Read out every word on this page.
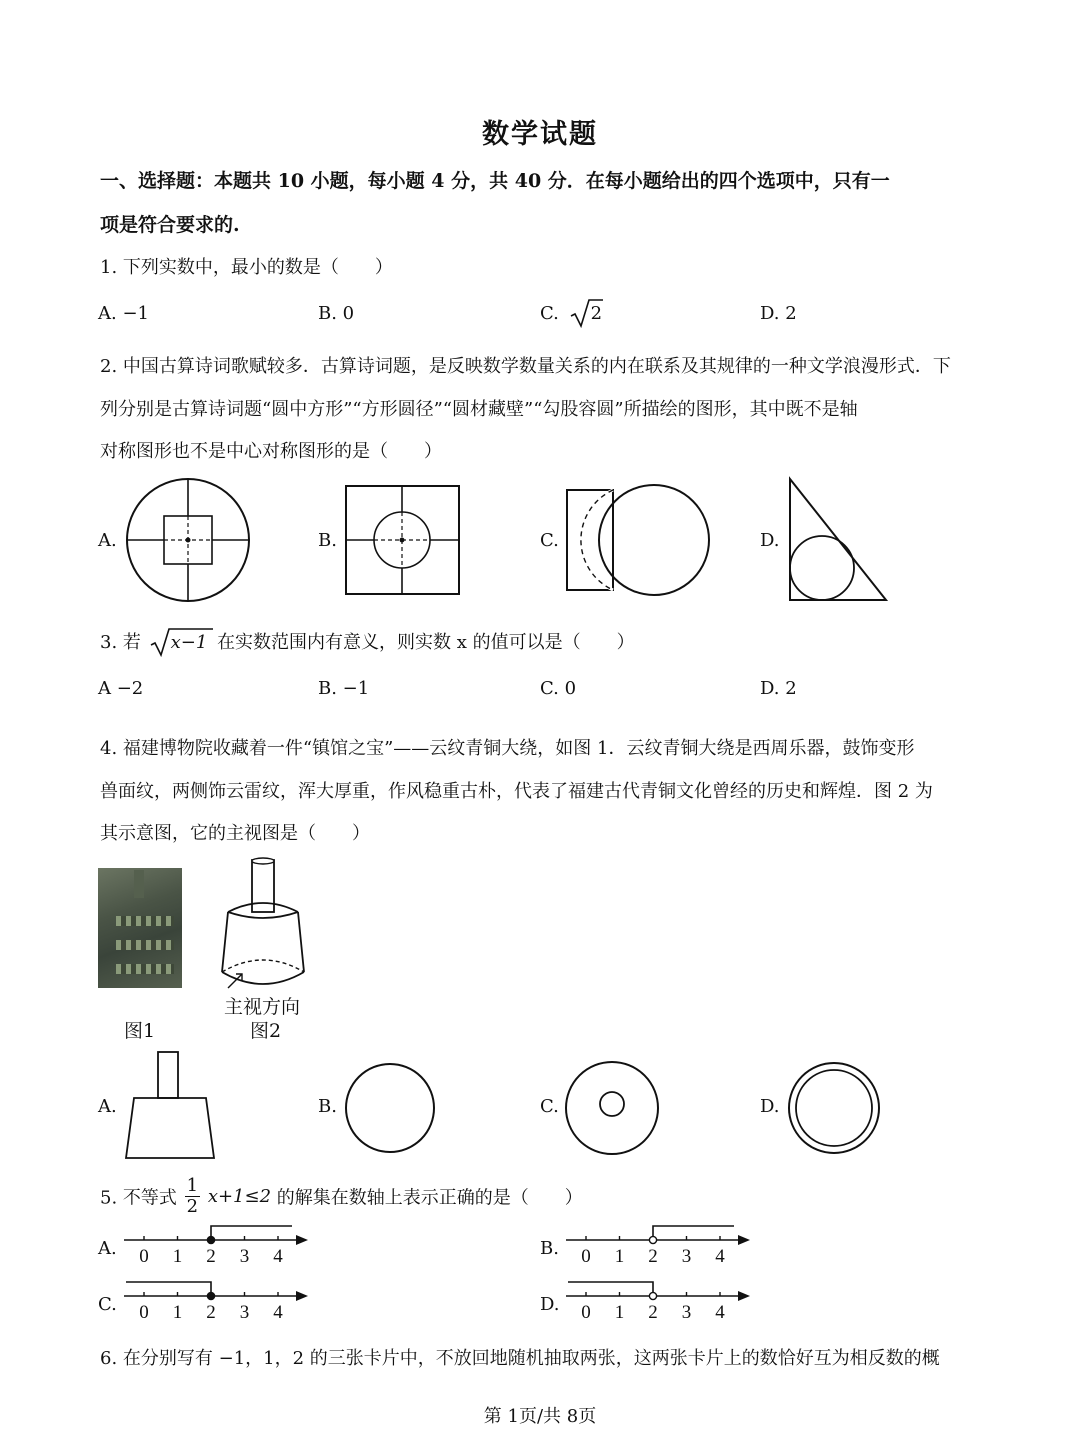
数学试题
一、选择题：本题共 10 小题，每小题 4 分，共 40 分．在每小题给出的四个选项中，只有一
项是符合要求的.
1. 下列实数中，最小的数是（　　）
A. −1	B. 0	C. 2	D. 2
2. 中国古算诗词歌赋较多．古算诗词题，是反映数学数量关系的内在联系及其规律的一种文学浪漫形式．下
列分别是古算诗词题“圆中方形”“方形圆径”“圆材藏壁”“勾股容圆”所描绘的图形，其中既不是轴
对称图形也不是中心对称图形的是（　　）
A.	B.	C.	D.
3. 若 x−1 在实数范围内有意义，则实数 x 的值可以是（　　）
A −2	B. −1	C. 0	D. 2
4. 福建博物院收藏着一件“镇馆之宝”——云纹青铜大绕，如图 1．云纹青铜大绕是西周乐器，鼓饰变形
兽面纹，两侧饰云雷纹，浑大厚重，作风稳重古朴，代表了福建古代青铜文化曾经的历史和辉煌．图 2 为
其示意图，它的主视图是（　　）
图1
主视方向
图2
A.	B.	C.	D.
5. 不等式 $\frac{1}{2} x+1\le 2$ 的解集在数轴上表示正确的是（　　）
A. 0 1 2 3 4	B. 0 1 2 3 4
C. 0 1 2 3 4	D. 0 1 2 3 4
6. 在分别写有 −1，1，2 的三张卡片中，不放回地随机抽取两张，这两张卡片上的数恰好互为相反数的概
第 1页/共 8页
